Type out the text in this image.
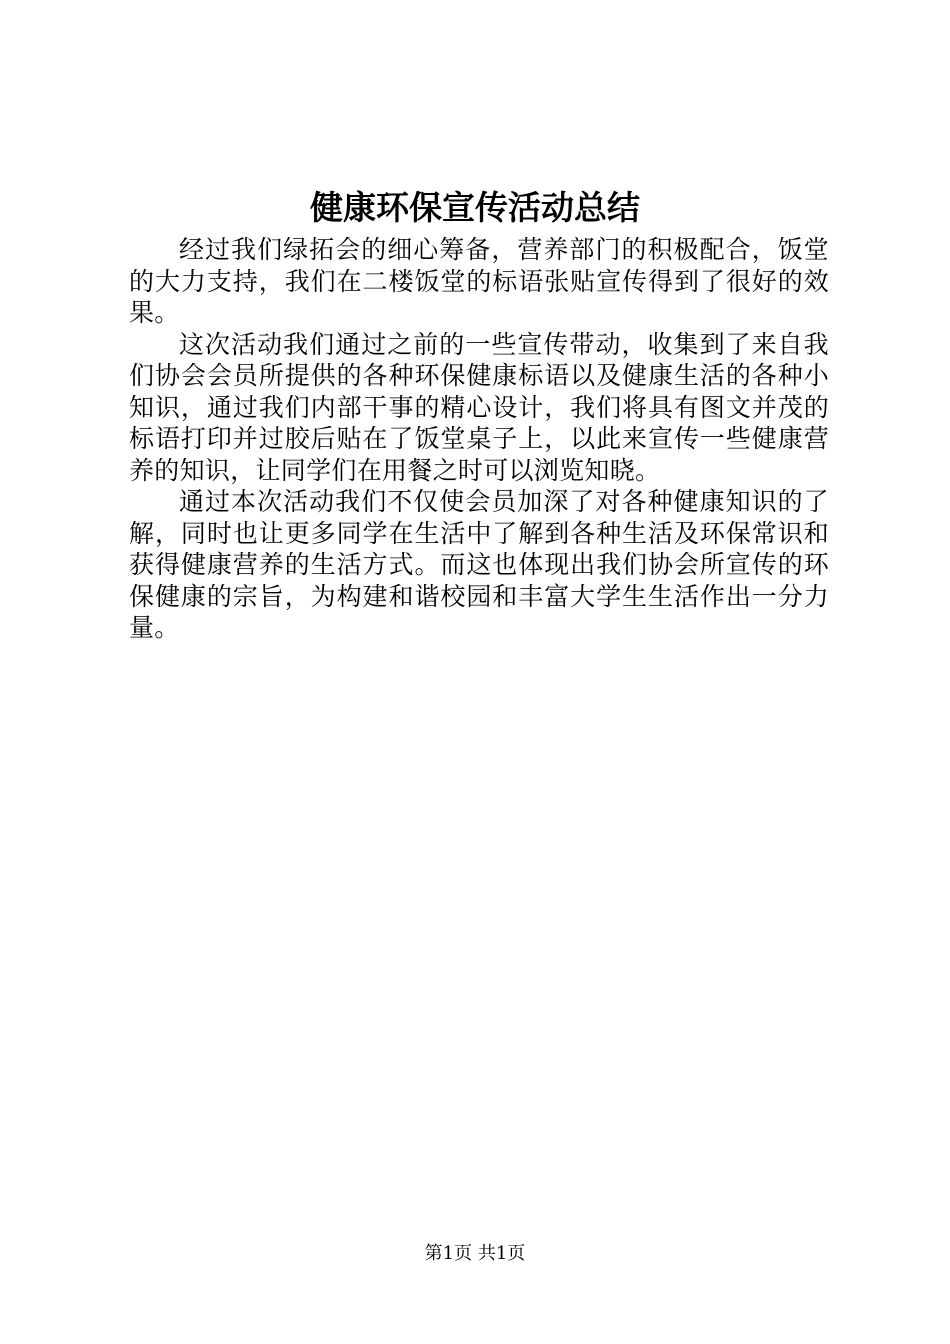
健康环保宣传活动总结

经过我们绿拓会的细心筹备，营养部门的积极配合，饭堂的大力支持，我们在二楼饭堂的标语张贴宣传得到了很好的效果。

这次活动我们通过之前的一些宣传带动，收集到了来自我们协会会员所提供的各种环保健康标语以及健康生活的各种小知识，通过我们内部干事的精心设计，我们将具有图文并茂的标语打印并过胶后贴在了饭堂桌子上，以此来宣传一些健康营养的知识，让同学们在用餐之时可以浏览知晓。

通过本次活动我们不仅使会员加深了对各种健康知识的了解，同时也让更多同学在生活中了解到各种生活及环保常识和获得健康营养的生活方式。而这也体现出我们协会所宣传的环保健康的宗旨，为构建和谐校园和丰富大学生生活作出一分力量。

第1页 共1页
